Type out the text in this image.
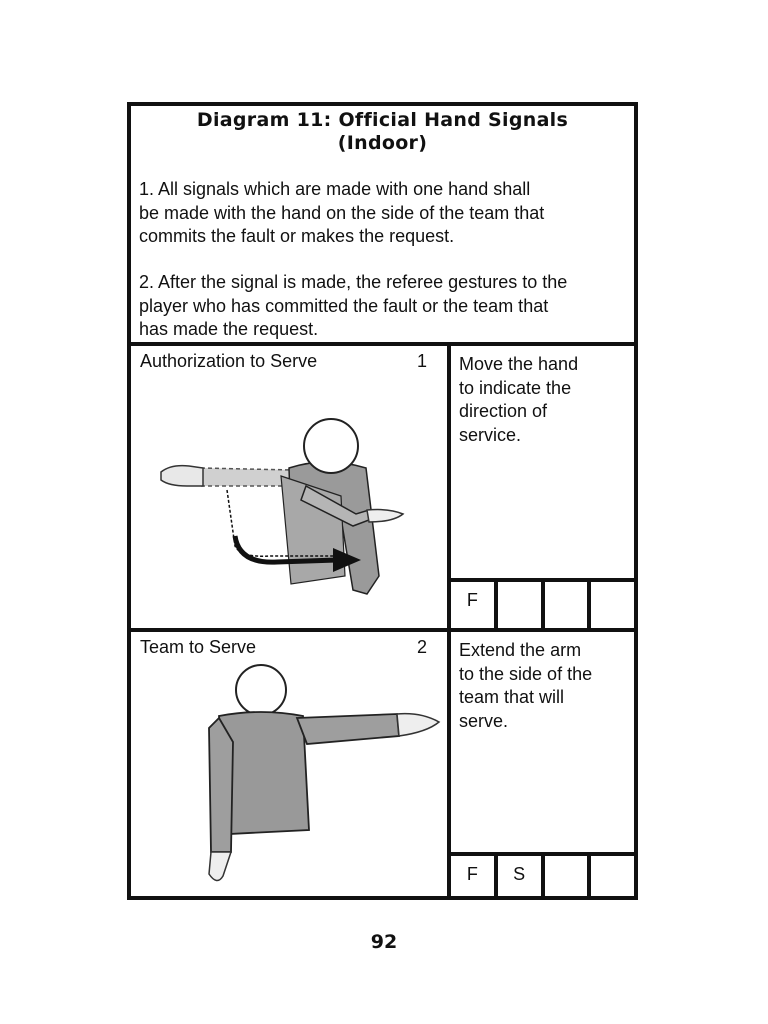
Diagram 11: Official Hand Signals
(Indoor)
1. All signals which are made with one hand shall
be made with the hand on the side of the team that
commits the fault or makes the request.
2. After the signal is made, the referee gestures to the
player who has committed the fault or the team that
has made the request.
Authorization to Serve	1 Move the hand
to indicate the
direction of
service.
F
Team to Serve	2 Extend the arm
to the side of the
team that will
serve.
F	S
92
